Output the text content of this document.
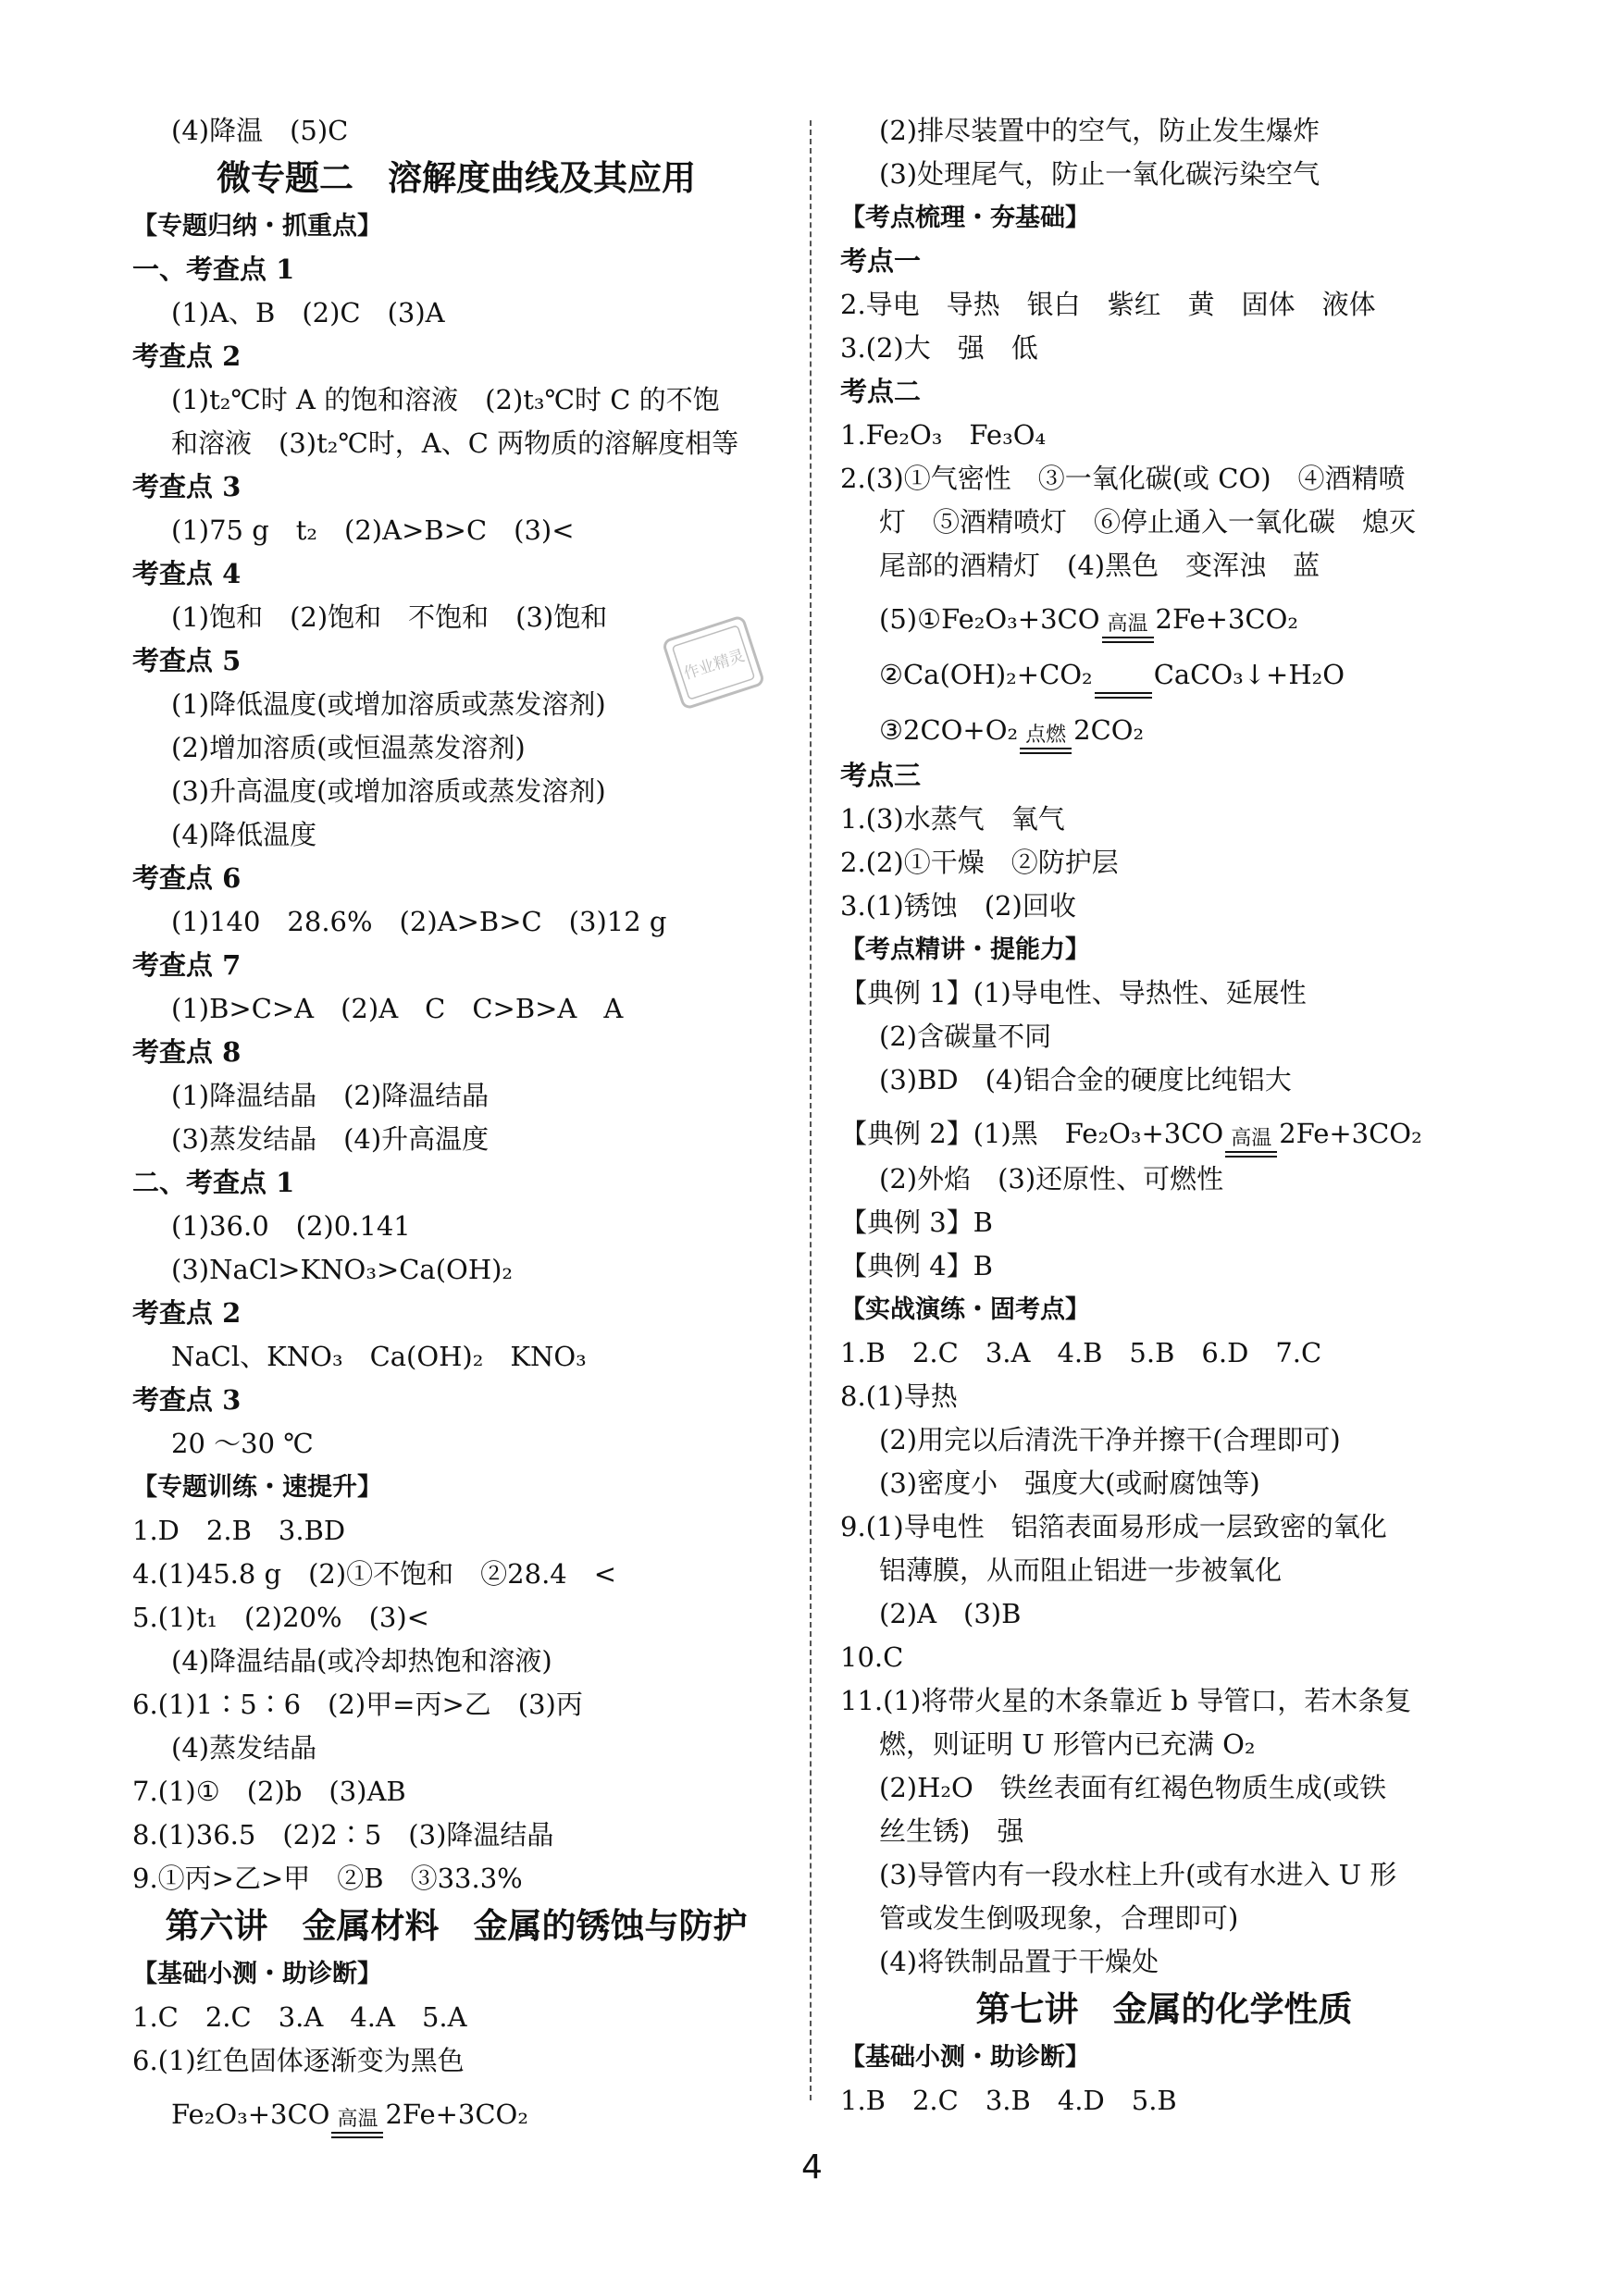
(4)降温　(5)C
微专题二　溶解度曲线及其应用
【专题归纳・抓重点】
一、考查点 1
(1)A、B　(2)C　(3)A
考查点 2
(1)t₂℃时 A 的饱和溶液　(2)t₃℃时 C 的不饱
和溶液　(3)t₂℃时，A、C 两物质的溶解度相等
考查点 3
(1)75 g　t₂　(2)A>B>C　(3)<
考查点 4
(1)饱和　(2)饱和　不饱和　(3)饱和
考查点 5
(1)降低温度(或增加溶质或蒸发溶剂)
(2)增加溶质(或恒温蒸发溶剂)
(3)升高温度(或增加溶质或蒸发溶剂)
(4)降低温度
考查点 6
(1)140　28.6%　(2)A>B>C　(3)12 g
考查点 7
(1)B>C>A　(2)A　C　C>B>A　A
考查点 8
(1)降温结晶　(2)降温结晶
(3)蒸发结晶　(4)升高温度
二、考查点 1
(1)36.0　(2)0.141
(3)NaCl>KNO₃>Ca(OH)₂
考查点 2
NaCl、KNO₃　Ca(OH)₂　KNO₃
考查点 3
20 ～30 ℃
【专题训练・速提升】
1.D　2.B　3.BD
4.(1)45.8 g　(2)①不饱和　②28.4　<
5.(1)t₁　(2)20%　(3)<
(4)降温结晶(或冷却热饱和溶液)
6.(1)1∶5∶6　(2)甲=丙>乙　(3)丙
(4)蒸发结晶
7.(1)①　(2)b　(3)AB
8.(1)36.5　(2)2∶5　(3)降温结晶
9.①丙>乙>甲　②B　③33.3%
第六讲　金属材料　金属的锈蚀与防护
【基础小测・助诊断】
1.C　2.C　3.A　4.A　5.A
6.(1)红色固体逐渐变为黑色
Fe₂O₃+3CO 高温 2Fe+3CO₂
(2)排尽装置中的空气，防止发生爆炸
(3)处理尾气，防止一氧化碳污染空气
【考点梳理・夯基础】
考点一
2.导电　导热　银白　紫红　黄　固体　液体
3.(2)大　强　低
考点二
1.Fe₂O₃　Fe₃O₄
2.(3)①气密性　③一氧化碳(或 CO)　④酒精喷
灯　⑤酒精喷灯　⑥停止通入一氧化碳　熄灭
尾部的酒精灯　(4)黑色　变浑浊　蓝
(5)①Fe₂O₃+3CO 高温 2Fe+3CO₂
②Ca(OH)₂+CO₂ CaCO₃↓+H₂O
③2CO+O₂ 点燃 2CO₂
考点三
1.(3)水蒸气　氧气
2.(2)①干燥　②防护层
3.(1)锈蚀　(2)回收
【考点精讲・提能力】
【典例 1】(1)导电性、导热性、延展性
(2)含碳量不同
(3)BD　(4)铝合金的硬度比纯铝大
【典例 2】(1)黑　Fe₂O₃+3CO 高温 2Fe+3CO₂
(2)外焰　(3)还原性、可燃性
【典例 3】B
【典例 4】B
【实战演练・固考点】
1.B　2.C　3.A　4.B　5.B　6.D　7.C
8.(1)导热
(2)用完以后清洗干净并擦干(合理即可)
(3)密度小　强度大(或耐腐蚀等)
9.(1)导电性　铝箔表面易形成一层致密的氧化
铝薄膜，从而阻止铝进一步被氧化
(2)A　(3)B
10.C
11.(1)将带火星的木条靠近 b 导管口，若木条复
燃，则证明 U 形管内已充满 O₂
(2)H₂O　铁丝表面有红褐色物质生成(或铁
丝生锈)　强
(3)导管内有一段水柱上升(或有水进入 U 形
管或发生倒吸现象，合理即可)
(4)将铁制品置于干燥处
第七讲　金属的化学性质
【基础小测・助诊断】
1.B　2.C　3.B　4.D　5.B
作业精灵
4
